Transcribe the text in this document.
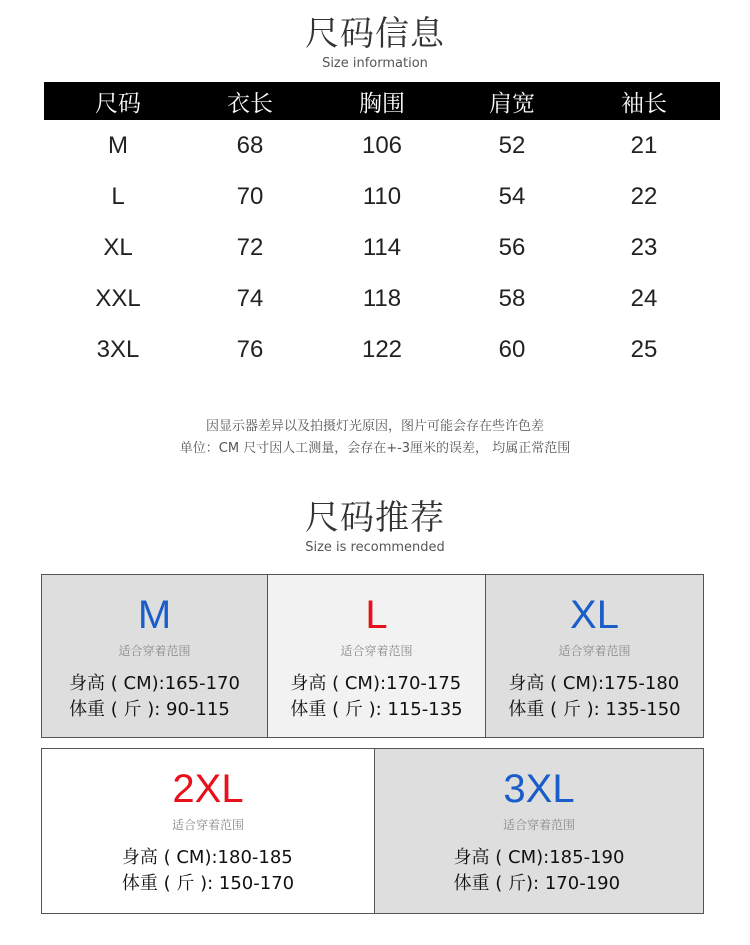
尺码信息
Size information
尺码	衣长	胸围	肩宽	袖长
M	68	106	52	21
L	70	110	54	22
XL	72	114	56	23
XXL	74	118	58	24
3XL	76	122	60	25
因显示器差异以及拍摄灯光原因，图片可能会存在些许色差
单位：CM 尺寸因人工测量，会存在+-3厘米的误差， 均属正常范围
尺码推荐
Size is recommended
M
适合穿着范围
身高 ( CM):165-170
体重 ( 斤 ): 90-115
L
适合穿着范围
身高 ( CM):170-175
体重 ( 斤 ): 115-135
XL
适合穿着范围
身高 ( CM):175-180
体重 ( 斤 ): 135-150
2XL
适合穿着范围
身高 ( CM):180-185
体重 ( 斤 ): 150-170
3XL
适合穿着范围
身高 ( CM):185-190
体重 ( 斤): 170-190
